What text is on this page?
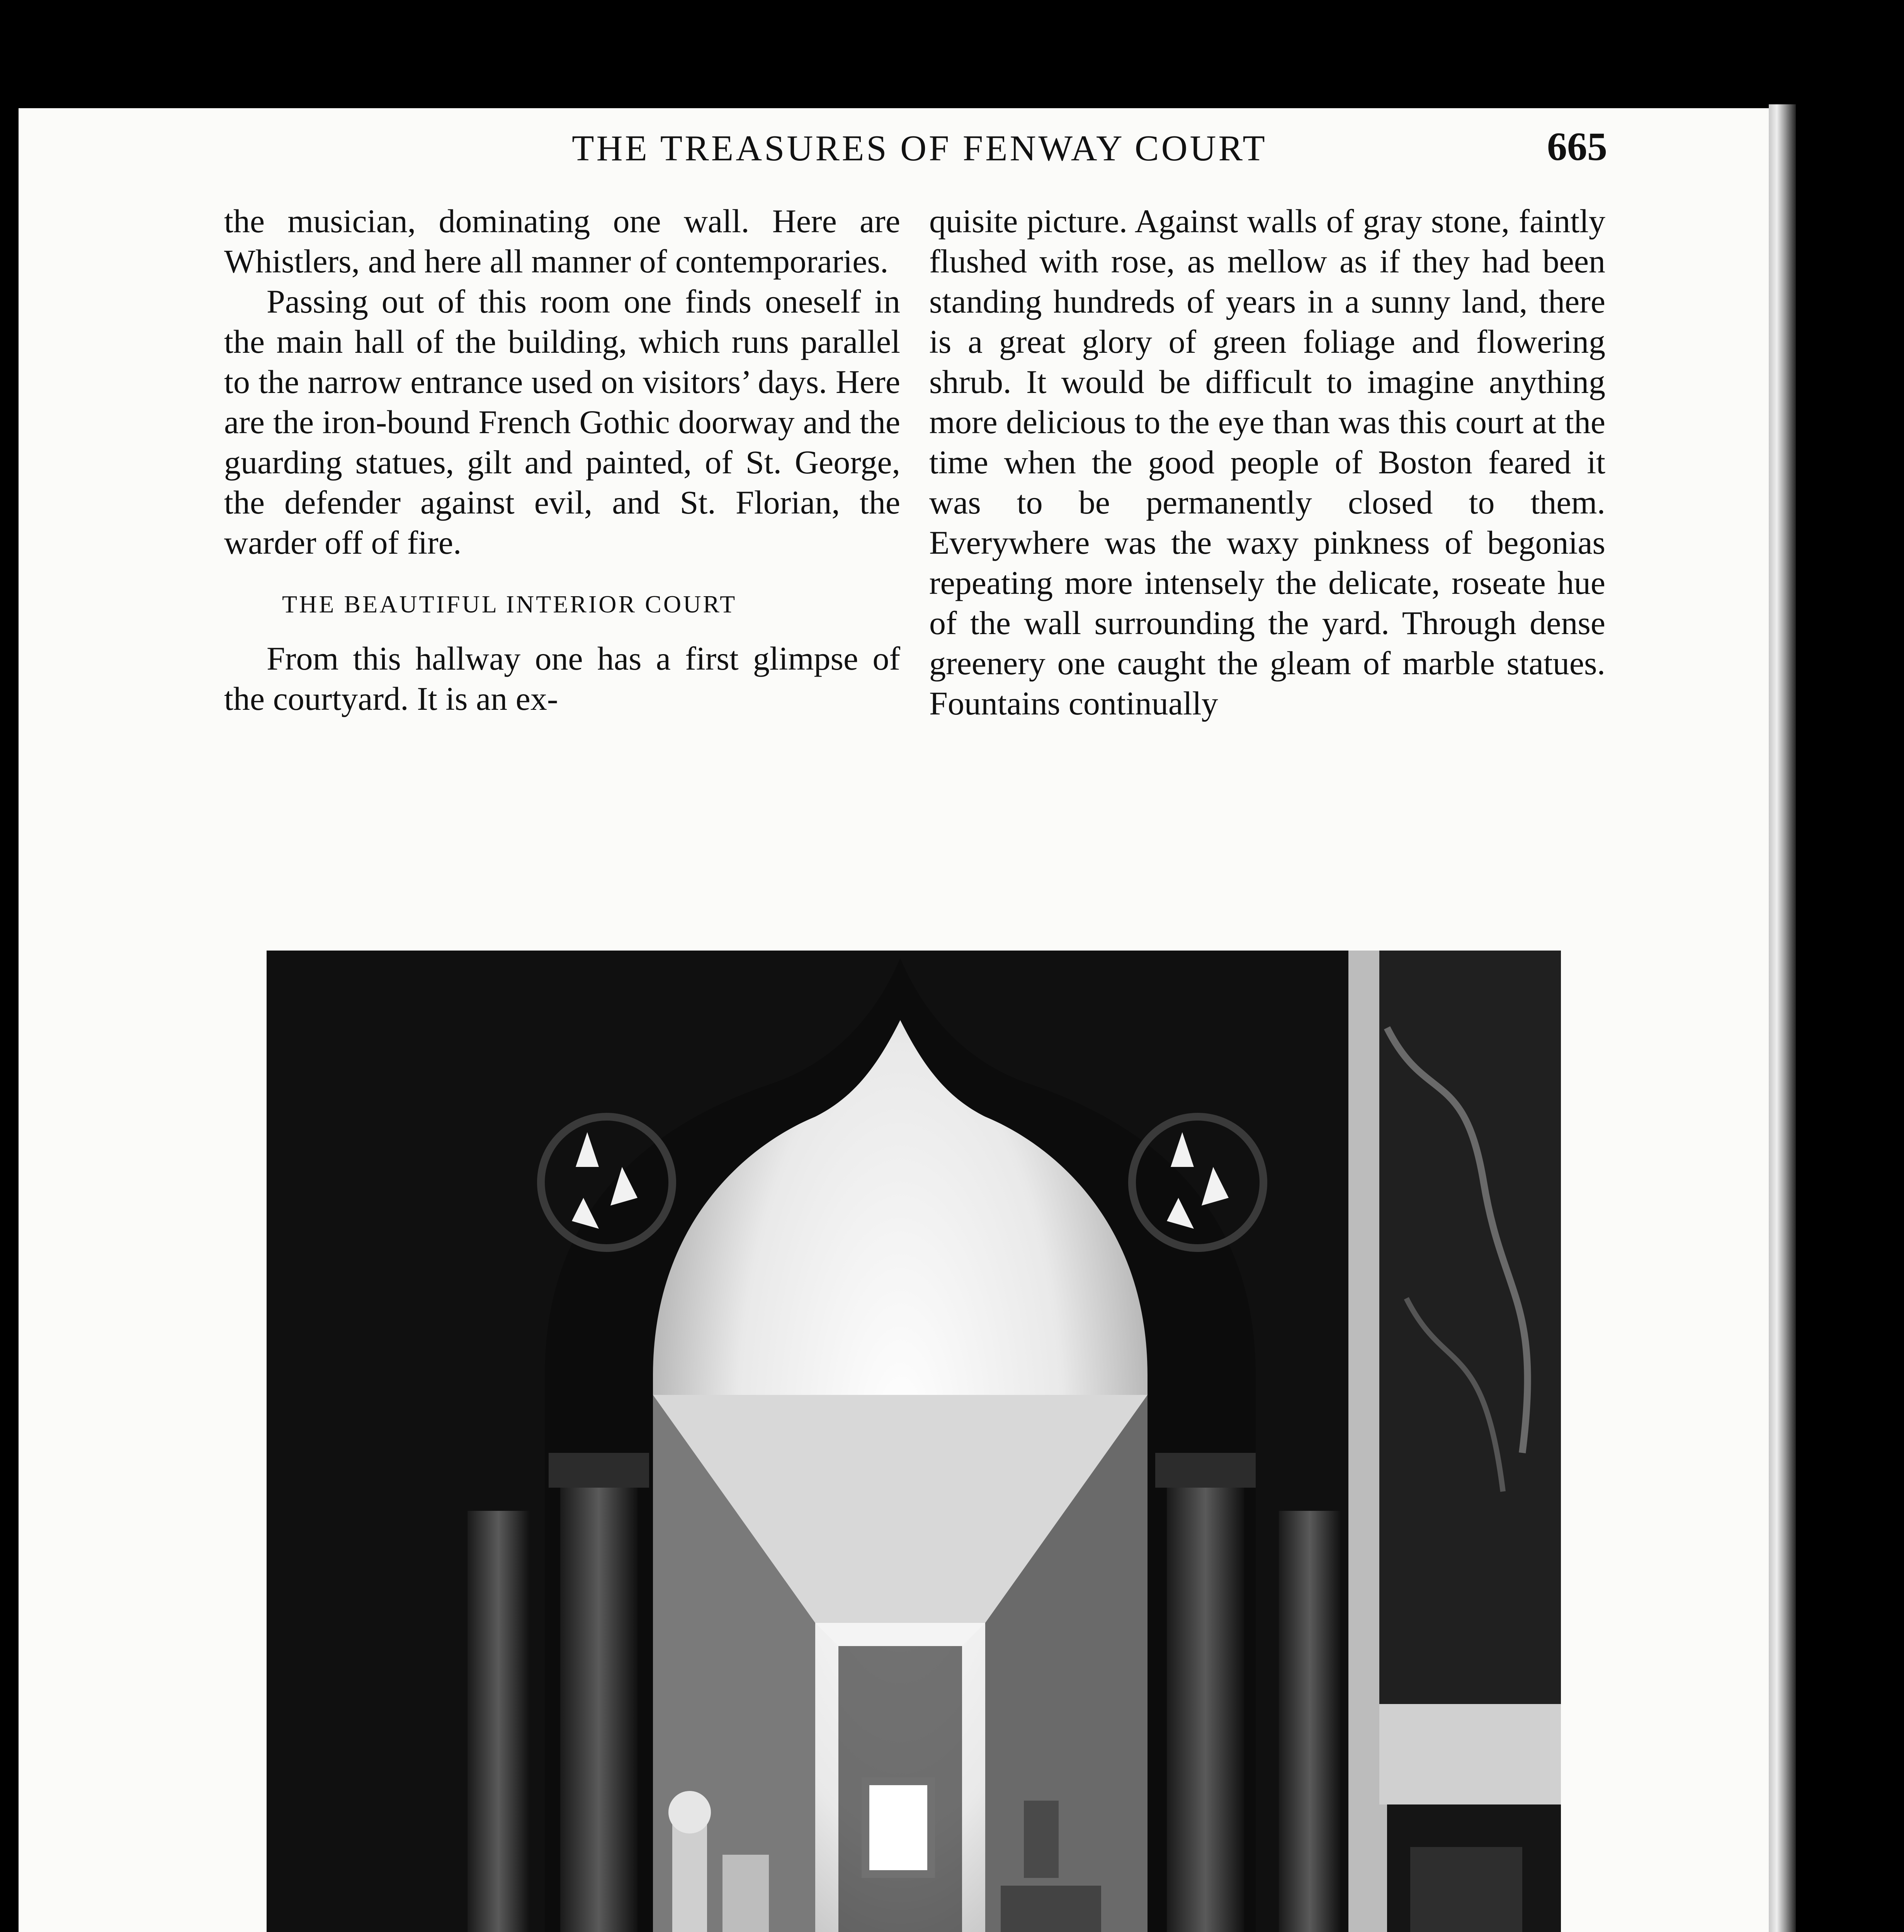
THE TREASURES OF FENWAY COURT	665

the musician, dominating one wall. Here are Whistlers, and here all manner of contemporaries.

Passing out of this room one finds oneself in the main hall of the building, which runs parallel to the narrow entrance used on visitors’ days. Here are the iron-bound French Gothic doorway and the guarding statues, gilt and painted, of St. George, the defender against evil, and St. Florian, the warder off of fire.

THE BEAUTIFUL INTERIOR COURT

From this hallway one has a first glimpse of the courtyard. It is an ex-

quisite picture. Against walls of gray stone, faintly flushed with rose, as mellow as if they had been standing hundreds of years in a sunny land, there is a great glory of green foliage and flowering shrub. It would be difficult to imagine anything more delicious to the eye than was this court at the time when the good people of Boston feared it was to be permanently closed to them. Everywhere was the waxy pinkness of begonias repeating more intensely the delicate, roseate hue of the wall surrounding the yard. Through dense greenery one caught the gleam of marble statues. Fountains continually
